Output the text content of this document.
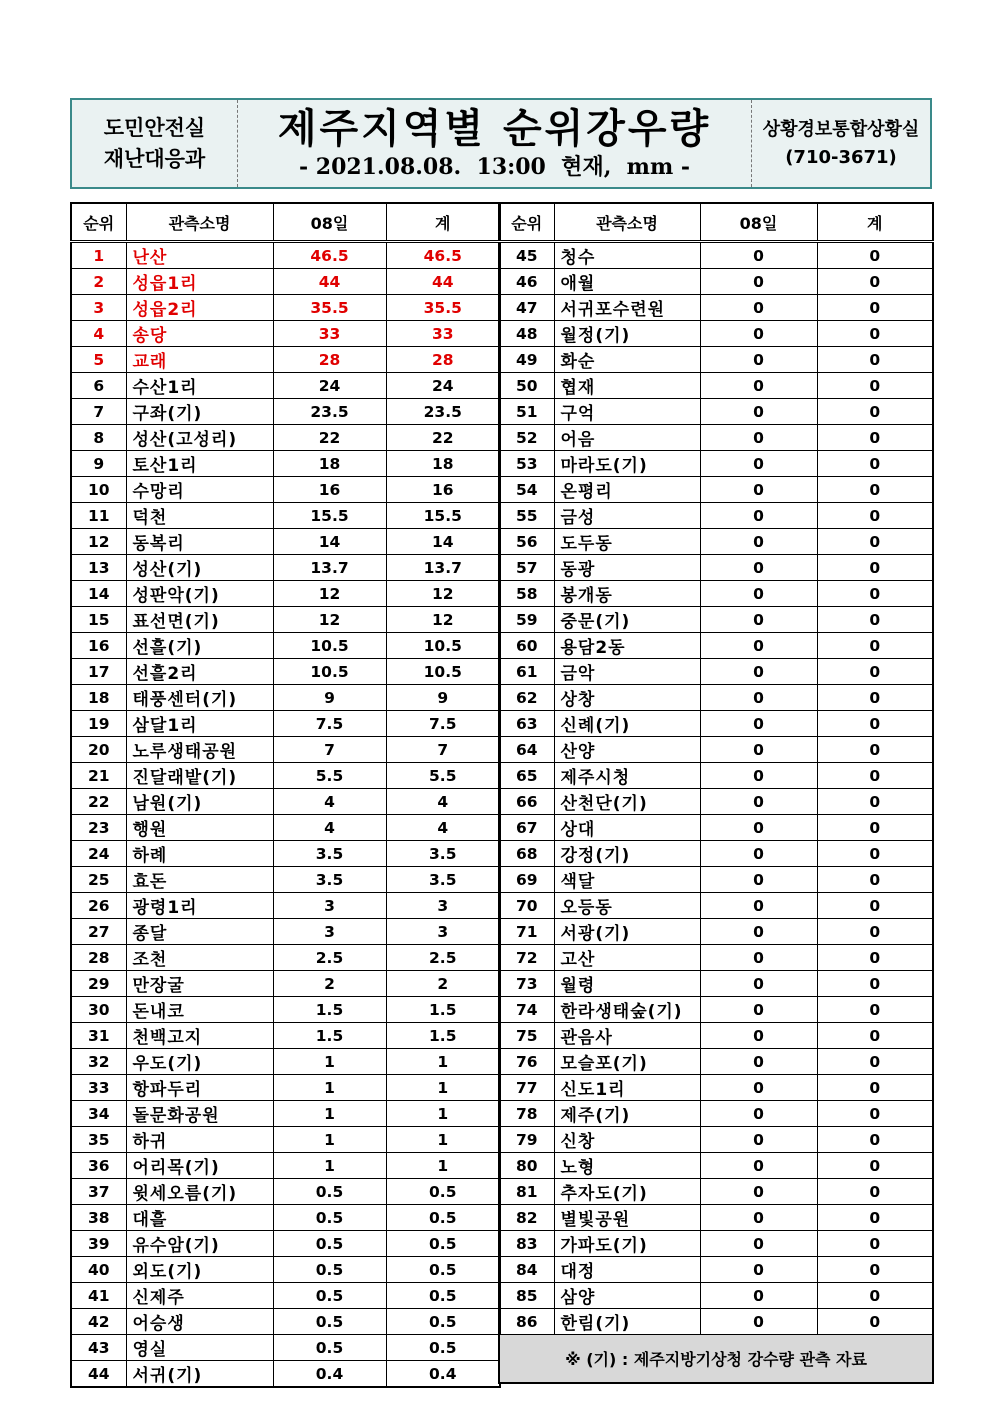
도민안전실
재난대응과
제주지역별 순위강우량
- 2021.08.08.  13:00  현재,  mm -
상황경보통합상황실
(710-3671)
순위	관측소명	08일	계
1	난산	46.5	46.5
2	성읍1리	44	44
3	성읍2리	35.5	35.5
4	송당	33	33
5	교래	28	28
6	수산1리	24	24
7	구좌(기)	23.5	23.5
8	성산(고성리)	22	22
9	토산1리	18	18
10	수망리	16	16
11	덕천	15.5	15.5
12	동복리	14	14
13	성산(기)	13.7	13.7
14	성판악(기)	12	12
15	표선면(기)	12	12
16	선흘(기)	10.5	10.5
17	선흘2리	10.5	10.5
18	태풍센터(기)	9	9
19	삼달1리	7.5	7.5
20	노루생태공원	7	7
21	진달래밭(기)	5.5	5.5
22	남원(기)	4	4
23	행원	4	4
24	하례	3.5	3.5
25	효돈	3.5	3.5
26	광령1리	3	3
27	종달	3	3
28	조천	2.5	2.5
29	만장굴	2	2
30	돈내코	1.5	1.5
31	천백고지	1.5	1.5
32	우도(기)	1	1
33	항파두리	1	1
34	돌문화공원	1	1
35	하귀	1	1
36	어리목(기)	1	1
37	윗세오름(기)	0.5	0.5
38	대흘	0.5	0.5
39	유수암(기)	0.5	0.5
40	외도(기)	0.5	0.5
41	신제주	0.5	0.5
42	어승생	0.5	0.5
43	영실	0.5	0.5
44	서귀(기)	0.4	0.4
순위	관측소명	08일	계
45	청수	0	0
46	애월	0	0
47	서귀포수련원	0	0
48	월정(기)	0	0
49	화순	0	0
50	협재	0	0
51	구억	0	0
52	어음	0	0
53	마라도(기)	0	0
54	온평리	0	0
55	금성	0	0
56	도두동	0	0
57	동광	0	0
58	봉개동	0	0
59	중문(기)	0	0
60	용담2동	0	0
61	금악	0	0
62	상창	0	0
63	신례(기)	0	0
64	산양	0	0
65	제주시청	0	0
66	산천단(기)	0	0
67	상대	0	0
68	강정(기)	0	0
69	색달	0	0
70	오등동	0	0
71	서광(기)	0	0
72	고산	0	0
73	월령	0	0
74	한라생태숲(기)	0	0
75	관음사	0	0
76	모슬포(기)	0	0
77	신도1리	0	0
78	제주(기)	0	0
79	신창	0	0
80	노형	0	0
81	추자도(기)	0	0
82	별빛공원	0	0
83	가파도(기)	0	0
84	대정	0	0
85	삼양	0	0
86	한림(기)	0	0
※ (기) : 제주지방기상청 강수량 관측 자료			
